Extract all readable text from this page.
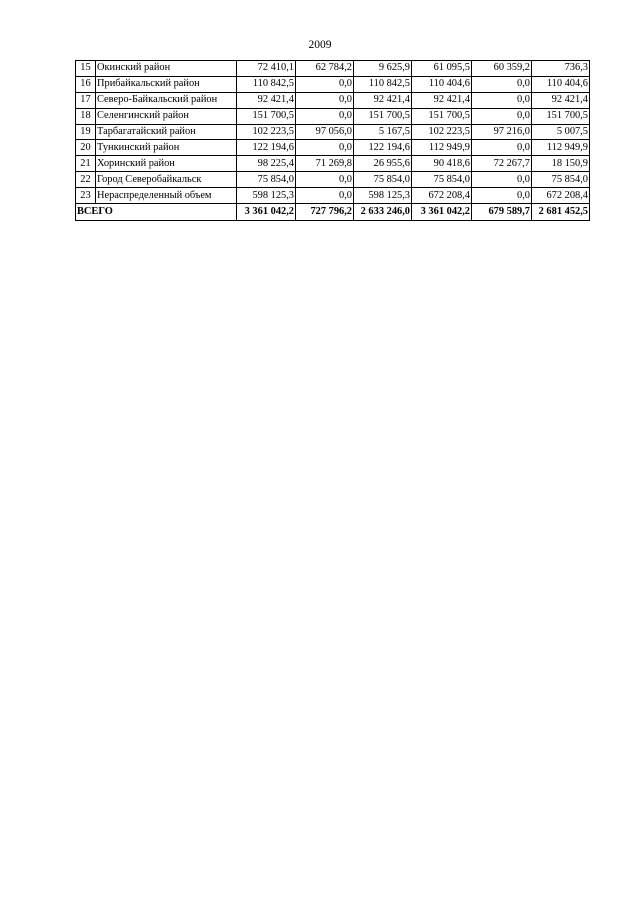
2009
15	Окинский район	72 410,1	62 784,2	9 625,9	61 095,5	60 359,2	736,3
16	Прибайкальский район	110 842,5	0,0	110 842,5	110 404,6	0,0	110 404,6
17	Северо-Байкальский район	92 421,4	0,0	92 421,4	92 421,4	0,0	92 421,4
18	Селенгинский район	151 700,5	0,0	151 700,5	151 700,5	0,0	151 700,5
19	Тарбагатайский район	102 223,5	97 056,0	5 167,5	102 223,5	97 216,0	5 007,5
20	Тункинский район	122 194,6	0,0	122 194,6	112 949,9	0,0	112 949,9
21	Хоринский район	98 225,4	71 269,8	26 955,6	90 418,6	72 267,7	18 150,9
22	Город Северобайкальск	75 854,0	0,0	75 854,0	75 854,0	0,0	75 854,0
23	Нераспределенный объем	598 125,3	0,0	598 125,3	672 208,4	0,0	672 208,4
ВСЕГО		3 361 042,2	727 796,2	2 633 246,0	3 361 042,2	679 589,7	2 681 452,5
